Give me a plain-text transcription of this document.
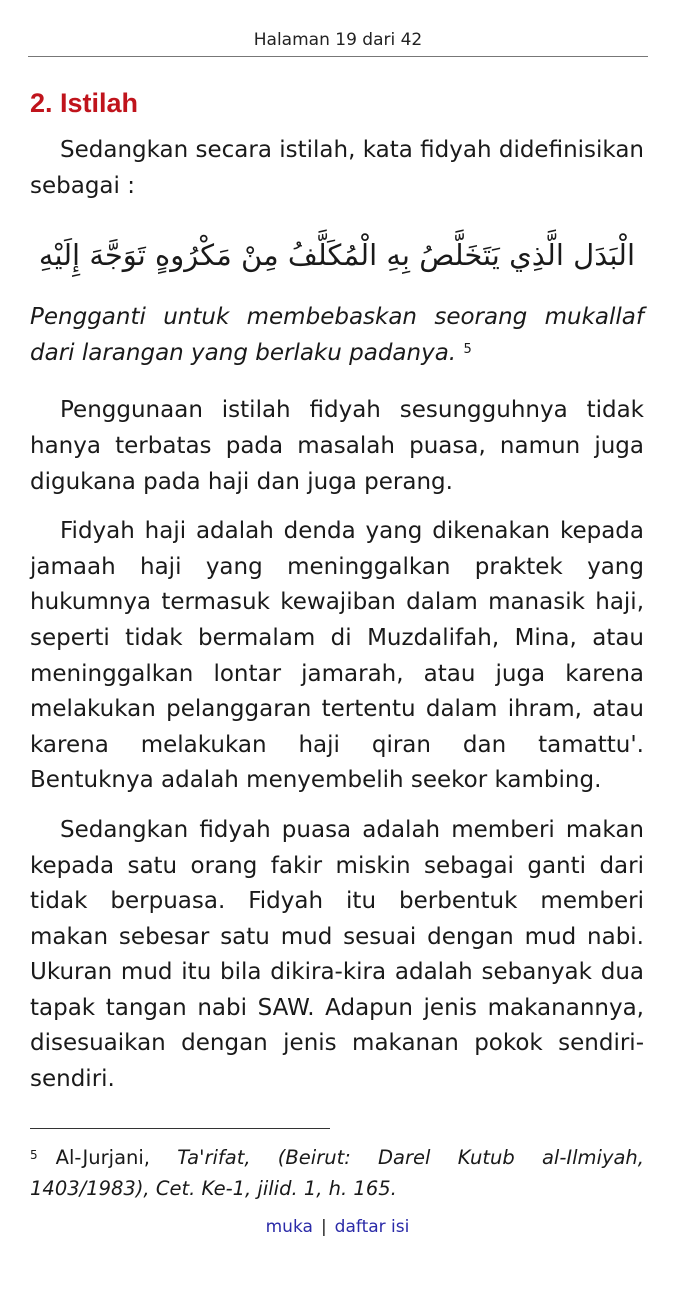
Halaman 19 dari 42
2. Istilah

Sedangkan secara istilah, kata fidyah didefinisikan sebagai :

الْبَدَل الَّذِي يَتَخَلَّصُ بِهِ الْمُكَلَّفُ مِنْ مَكْرُوهٍ تَوَجَّهَ إِلَيْهِ

Pengganti untuk membebaskan seorang mukallaf dari larangan yang berlaku padanya. $^5$

Penggunaan istilah fidyah sesungguhnya tidak hanya terbatas pada masalah puasa, namun juga digukana pada haji dan juga perang.

Fidyah haji adalah denda yang dikenakan kepada jamaah haji yang meninggalkan praktek yang hukumnya termasuk kewajiban dalam manasik haji, seperti tidak bermalam di Muzdalifah, Mina, atau meninggalkan lontar jamarah, atau juga karena melakukan pelanggaran tertentu dalam ihram, atau karena melakukan haji qiran dan tamattu'. Bentuknya adalah menyembelih seekor kambing.

Sedangkan fidyah puasa adalah memberi makan kepada satu orang fakir miskin sebagai ganti dari tidak berpuasa. Fidyah itu berbentuk memberi makan sebesar satu mud sesuai dengan mud nabi. Ukuran mud itu bila dikira-kira adalah sebanyak dua tapak tangan nabi SAW. Adapun jenis makanannya, disesuaikan dengan jenis makanan pokok sendiri-sendiri.

$^5$ Al-Jurjani, Ta'rifat, (Beirut: Darel Kutub al-Ilmiyah, 1403/1983), Cet. Ke-1, jilid. 1, h. 165.
muka | daftar isi
